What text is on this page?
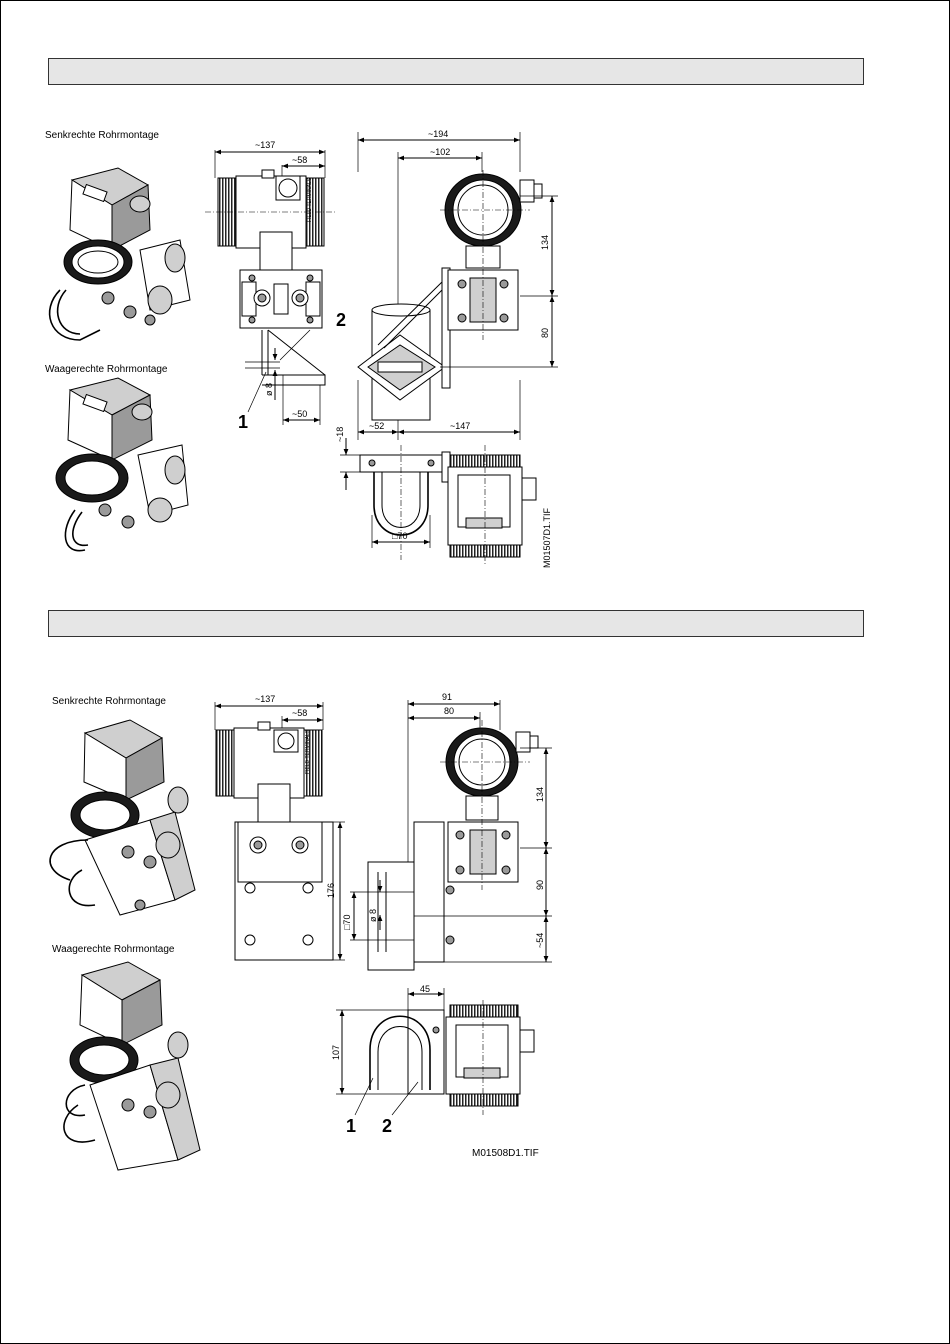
Senkrechte Rohrmontage
Waagerechte Rohrmontage
Senkrechte Rohrmontage
Waagerechte Rohrmontage
FIELD TERMINALS
2
1
~137
~58
ø 8
~50
~194
~102
134
80
~52	~147
~18
□70	M01507D1.TIF
FIELD TERMINALS
~137
~58
176
91
80
134
90
~54
□70 ø 8
45
107
1 2
M01508D1.TIF
